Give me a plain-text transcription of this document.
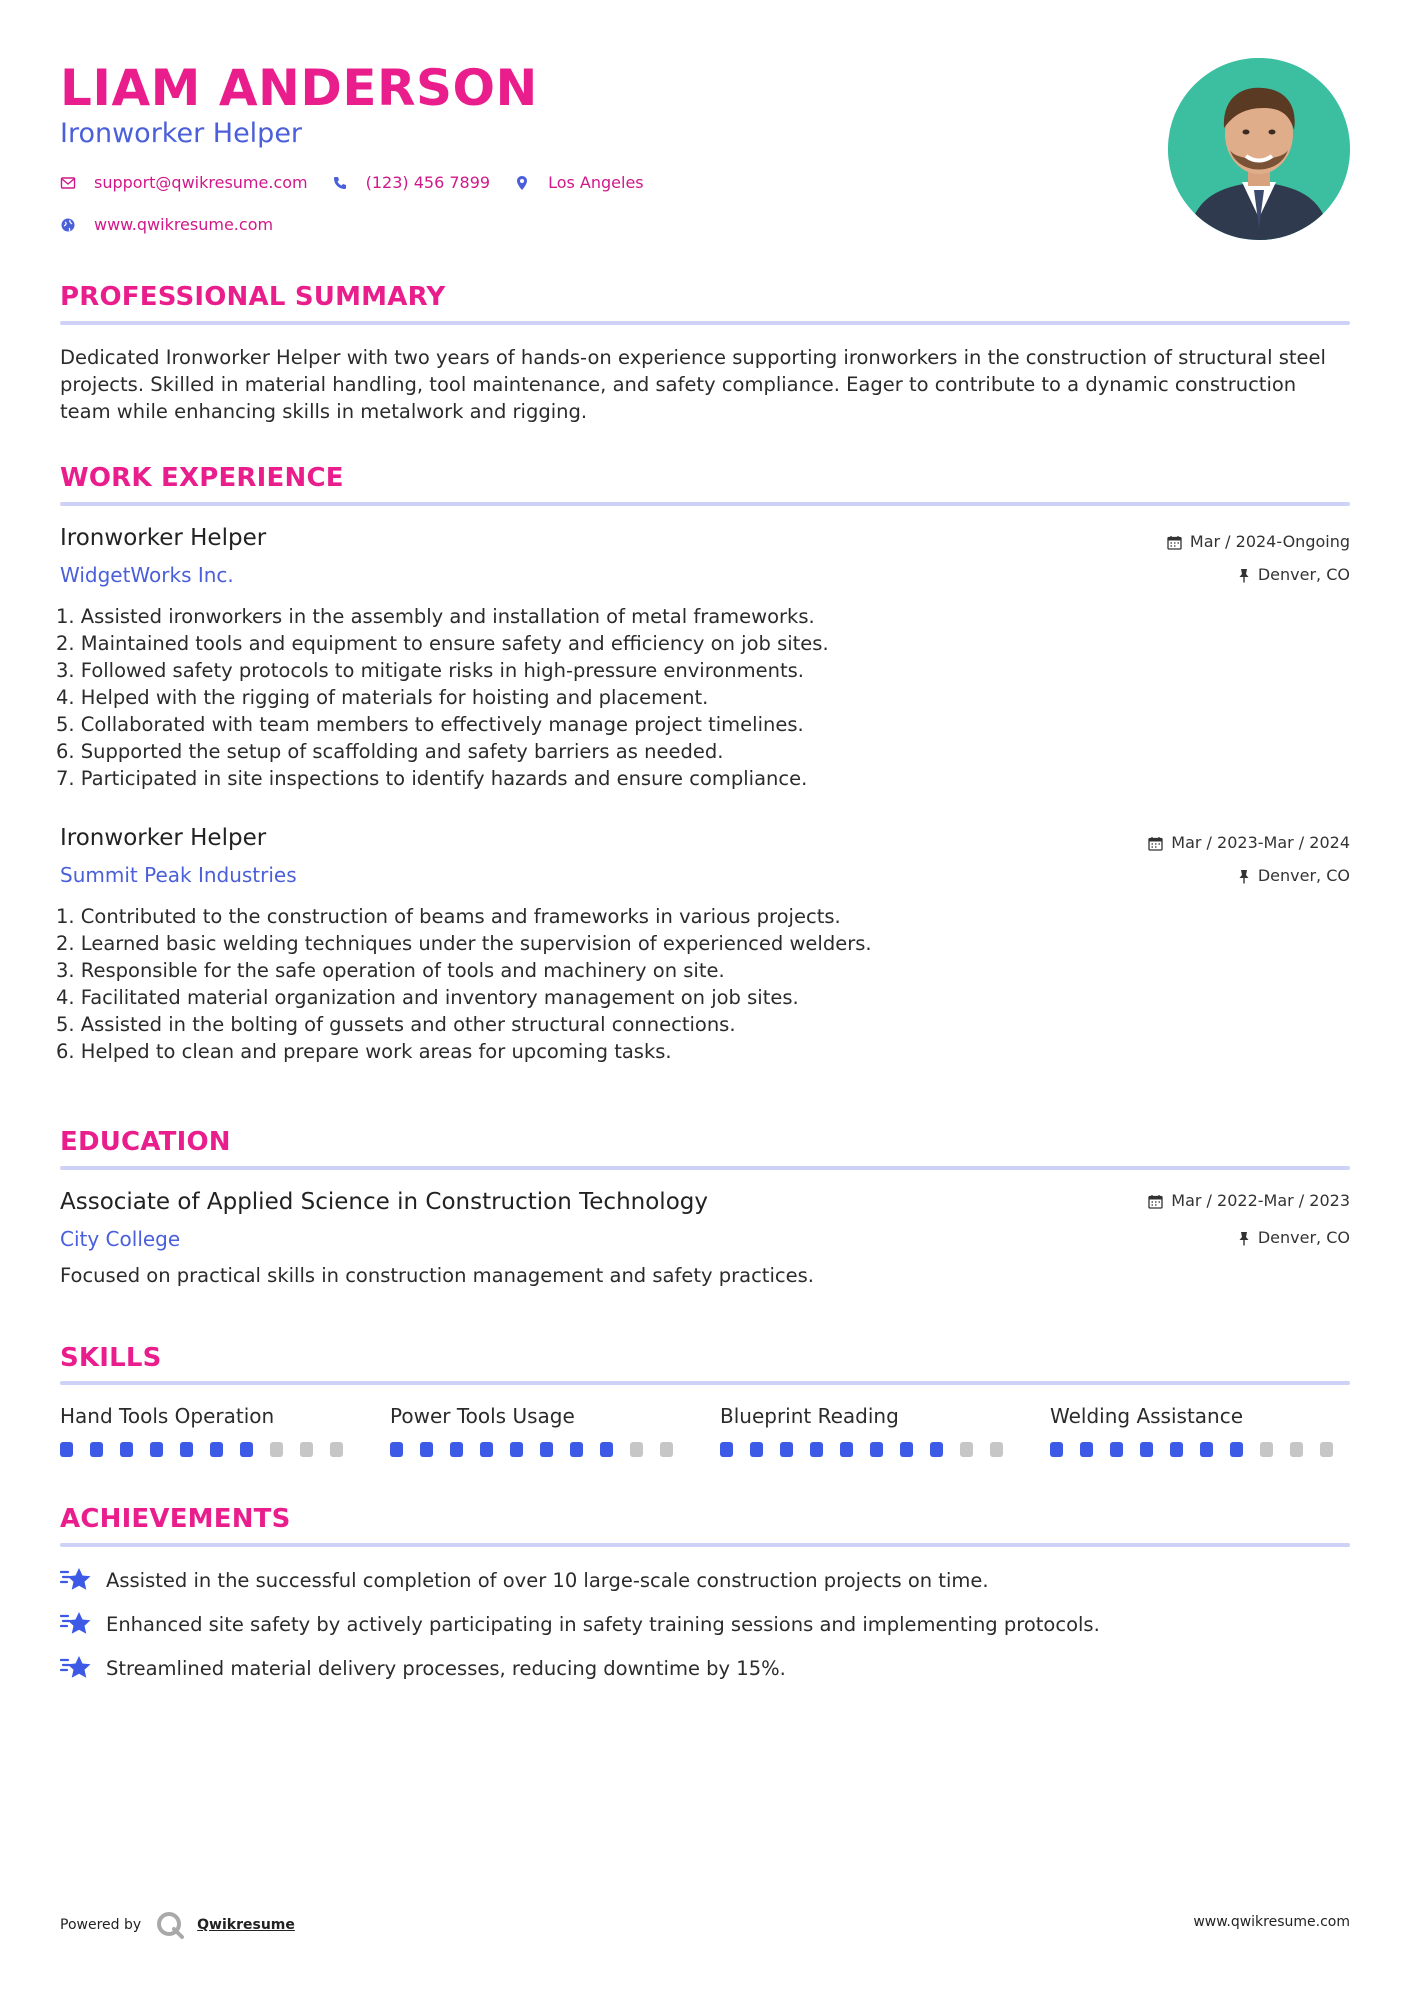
LIAM ANDERSON
Ironworker Helper
support@qwikresume.com	(123) 456 7899	Los Angeles
www.qwikresume.com
PROFESSIONAL SUMMARY
Dedicated Ironworker Helper with two years of hands-on experience supporting ironworkers in the construction of structural steel projects. Skilled in material handling, tool maintenance, and safety compliance. Eager to contribute to a dynamic construction team while enhancing skills in metalwork and rigging.
WORK EXPERIENCE
Ironworker Helper
WidgetWorks Inc.
Mar / 2024-Ongoing
Denver, CO
1. Assisted ironworkers in the assembly and installation of metal frameworks.
2. Maintained tools and equipment to ensure safety and efficiency on job sites.
3. Followed safety protocols to mitigate risks in high-pressure environments.
4. Helped with the rigging of materials for hoisting and placement.
5. Collaborated with team members to effectively manage project timelines.
6. Supported the setup of scaffolding and safety barriers as needed.
7. Participated in site inspections to identify hazards and ensure compliance.
Ironworker Helper
Summit Peak Industries
Mar / 2023-Mar / 2024
Denver, CO
1. Contributed to the construction of beams and frameworks in various projects.
2. Learned basic welding techniques under the supervision of experienced welders.
3. Responsible for the safe operation of tools and machinery on site.
4. Facilitated material organization and inventory management on job sites.
5. Assisted in the bolting of gussets and other structural connections.
6. Helped to clean and prepare work areas for upcoming tasks.
EDUCATION
Associate of Applied Science in Construction Technology
City College
Mar / 2022-Mar / 2023
Denver, CO
Focused on practical skills in construction management and safety practices.
SKILLS
Hand Tools Operation	Power Tools Usage	Blueprint Reading	Welding Assistance
ACHIEVEMENTS
Assisted in the successful completion of over 10 large-scale construction projects on time.
Enhanced site safety by actively participating in safety training sessions and implementing protocols.
Streamlined material delivery processes, reducing downtime by 15%.
Powered by	Qwikresume	www.qwikresume.com
